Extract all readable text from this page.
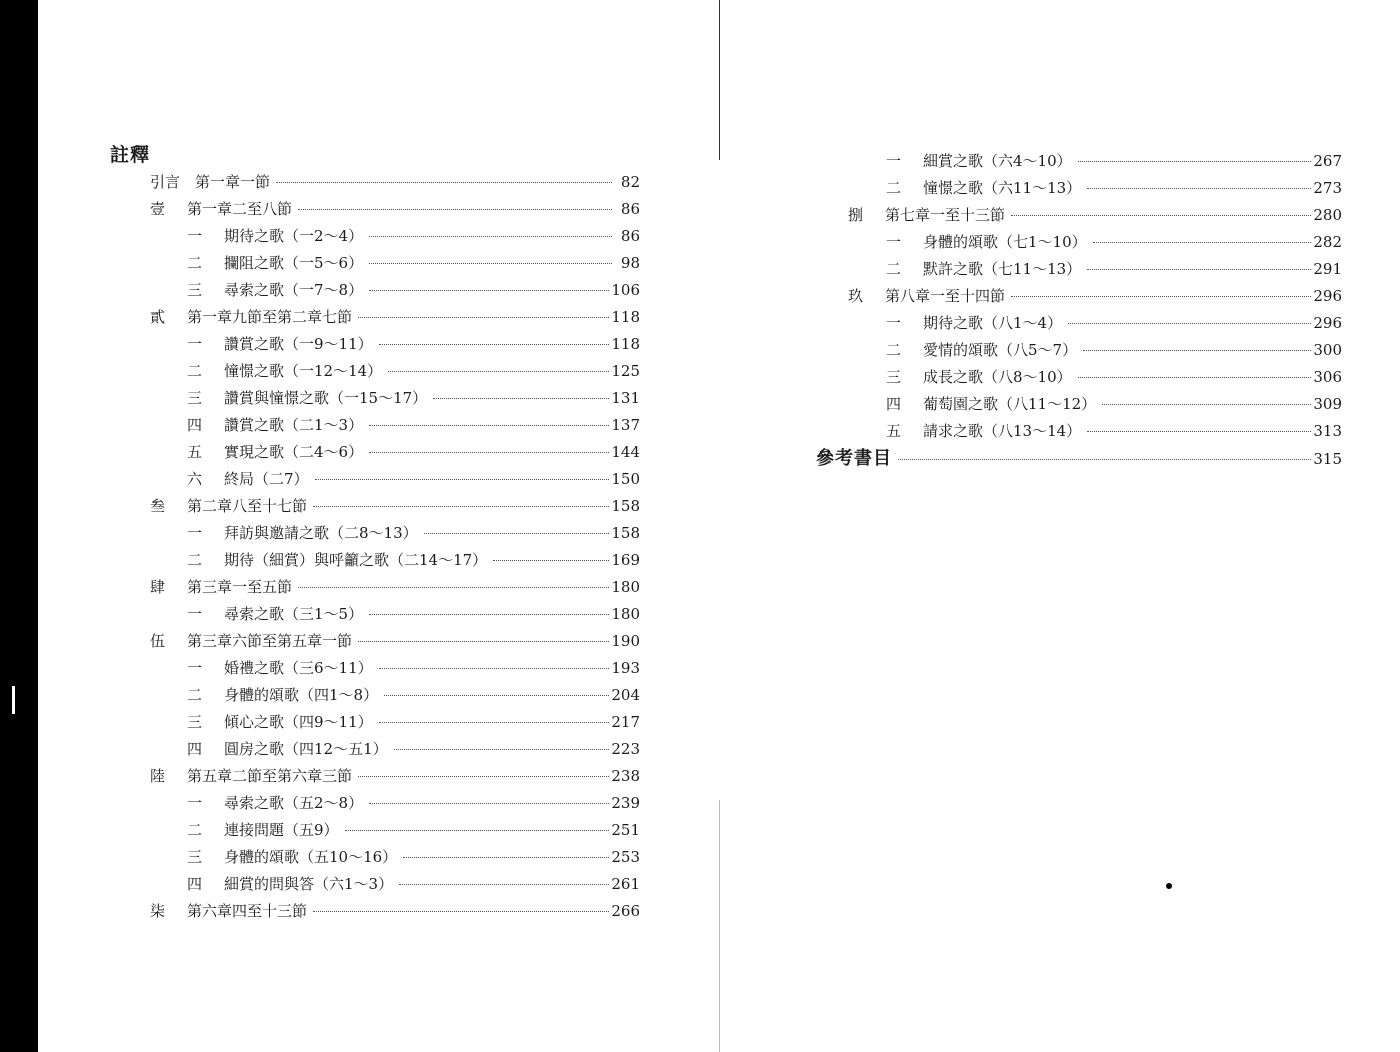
註釋
引言　第一章一節	82
壹	第一章二至八節	86
一	期待之歌（一2～4）	86
二	攔阻之歌（一5～6）	98
三	尋索之歌（一7～8）	106
貳	第一章九節至第二章七節	118
一	讚賞之歌（一9～11）	118
二	憧憬之歌（一12～14）	125
三	讚賞與憧憬之歌（一15～17）	131
四	讚賞之歌（二1～3）	137
五	實現之歌（二4～6）	144
六	終局（二7）	150
叁	第二章八至十七節	158
一	拜訪與邀請之歌（二8～13）	158
二	期待（細賞）與呼籲之歌（二14～17）	169
肆	第三章一至五節	180
一	尋索之歌（三1～5）	180
伍	第三章六節至第五章一節	190
一	婚禮之歌（三6～11）	193
二	身體的頌歌（四1～8）	204
三	傾心之歌（四9～11）	217
四	圓房之歌（四12～五1）	223
陸	第五章二節至第六章三節	238
一	尋索之歌（五2～8）	239
二	連接問題（五9）	251
三	身體的頌歌（五10～16）	253
四	細賞的問與答（六1～3）	261
柒	第六章四至十三節	266
一	細賞之歌（六4～10）	267
二	憧憬之歌（六11～13）	273
捌	第七章一至十三節	280
一	身體的頌歌（七1～10）	282
二	默許之歌（七11～13）	291
玖	第八章一至十四節	296
一	期待之歌（八1～4）	296
二	愛情的頌歌（八5～7）	300
三	成長之歌（八8～10）	306
四	葡萄園之歌（八11～12）	309
五	請求之歌（八13～14）	313
參考書目	315
